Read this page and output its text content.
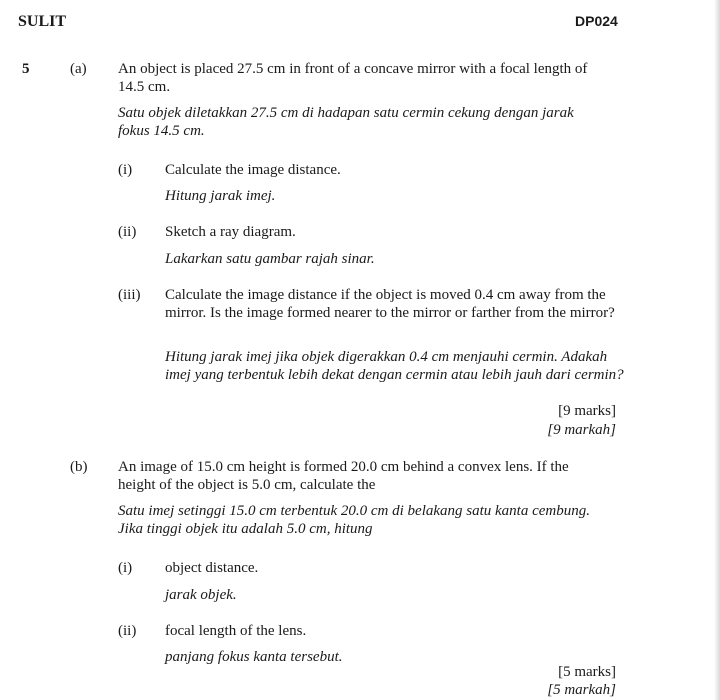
SULIT	DP024
5	(a) An object is placed 27.5 cm in front of a concave mirror with a focal length of 14.5 cm.
Satu objek diletakkan 27.5 cm di hadapan satu cermin cekung dengan jarak fokus 14.5 cm.
(i) Calculate the image distance.
Hitung jarak imej.
(ii) Sketch a ray diagram.
Lakarkan satu gambar rajah sinar.
(iii) Calculate the image distance if the object is moved 0.4 cm away from the mirror. Is the image formed nearer to the mirror or farther from the mirror?
Hitung jarak imej jika objek digerakkan 0.4 cm menjauhi cermin. Adakah imej yang terbentuk lebih dekat dengan cermin atau lebih jauh dari cermin?
[9 marks]
[9 markah]
(b) An image of 15.0 cm height is formed 20.0 cm behind a convex lens. If the height of the object is 5.0 cm, calculate the
Satu imej setinggi 15.0 cm terbentuk 20.0 cm di belakang satu kanta cembung. Jika tinggi objek itu adalah 5.0 cm, hitung
(i) object distance.
jarak objek.
(ii) focal length of the lens.
panjang fokus kanta tersebut.
[5 marks]
[5 markah]
